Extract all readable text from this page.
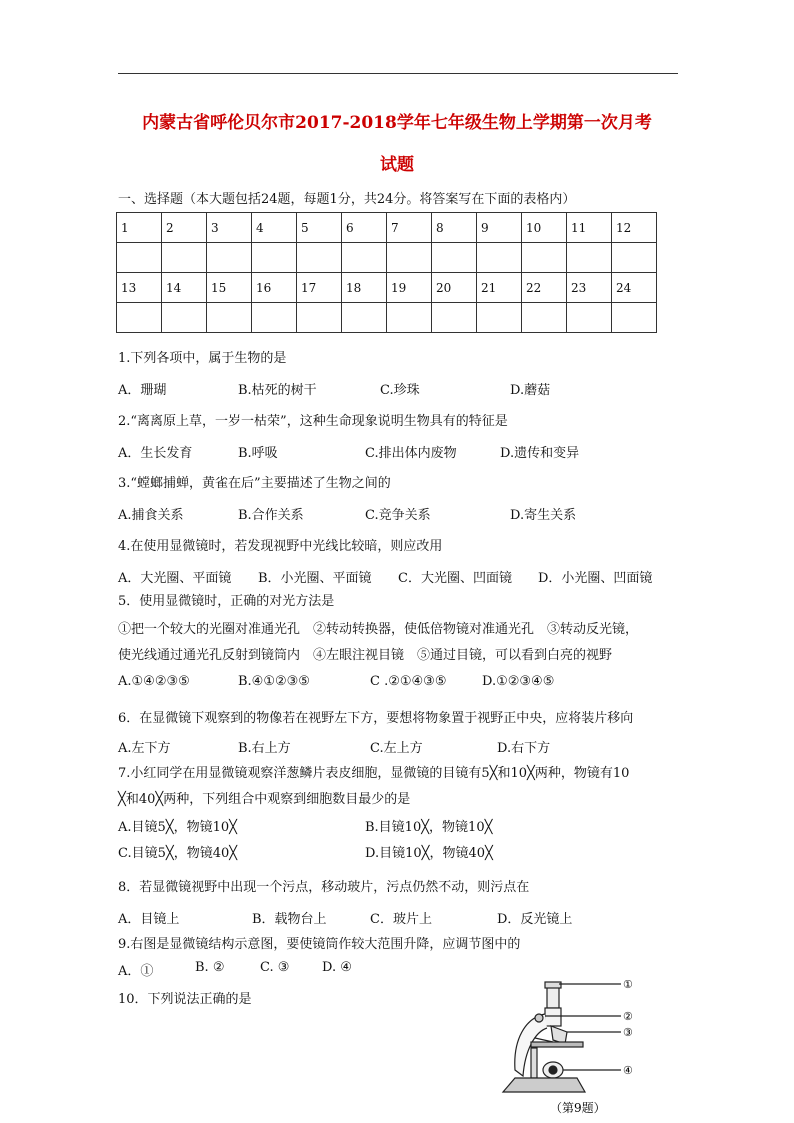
内蒙古省呼伦贝尔市2017-2018学年七年级生物上学期第一次月考
试题
一、选择题（本大题包括24题，每题1分，共24分。将答案写在下面的表格内）
1	2	3	4	5	6	7	8	9	10	11	12

13	14	15	16	17	18	19	20	21	22	23	24

1.下列各项中，属于生物的是
A．珊瑚	B.枯死的树干	C.珍珠	D.蘑菇
2.“离离原上草，一岁一枯荣”，这种生命现象说明生物具有的特征是
A．生长发育	B.呼吸	C.排出体内废物	D.遗传和变异
3.“螳螂捕蝉，黄雀在后”主要描述了生物之间的
A.捕食关系	B.合作关系	C.竞争关系	D.寄生关系
4.在使用显微镜时，若发现视野中光线比较暗，则应改用
A．大光圈、平面镜 B．小光圈、平面镜 C．大光圈、凹面镜 D．小光圈、凹面镜
5．使用显微镜时，正确的对光方法是
①把一个较大的光圈对准通光孔　②转动转换器，使低倍物镜对准通光孔　③转动反光镜，
使光线通过通光孔反射到镜筒内　④左眼注视目镜　⑤通过目镜，可以看到白亮的视野
A.①④②③⑤	B.④①②③⑤	C .②①④③⑤	D.①②③④⑤
6．在显微镜下观察到的物像若在视野左下方，要想将物象置于视野正中央，应将装片移向
A.左下方	B.右上方	C.左上方	D.右下方
7.小红同学在用显微镜观察洋葱鳞片表皮细胞，显微镜的目镜有5╳和10╳两种，物镜有10
╳和40╳两种，下列组合中观察到细胞数目最少的是
A.目镜5╳，物镜10╳	B.目镜10╳，物镜10╳
C.目镜5╳，物镜40╳	D.目镜10╳，物镜40╳
8．若显微镜视野中出现一个污点，移动玻片，污点仍然不动，则污点在
A．目镜上	B．载物台上	C．玻片上	D．反光镜上
9.右图是显微镜结构示意图，要使镜筒作较大范围升降，应调节图中的
A．①	B. ②	C. ③	D. ④
10．下列说法正确的是
①
②
③
④
（第9题）
